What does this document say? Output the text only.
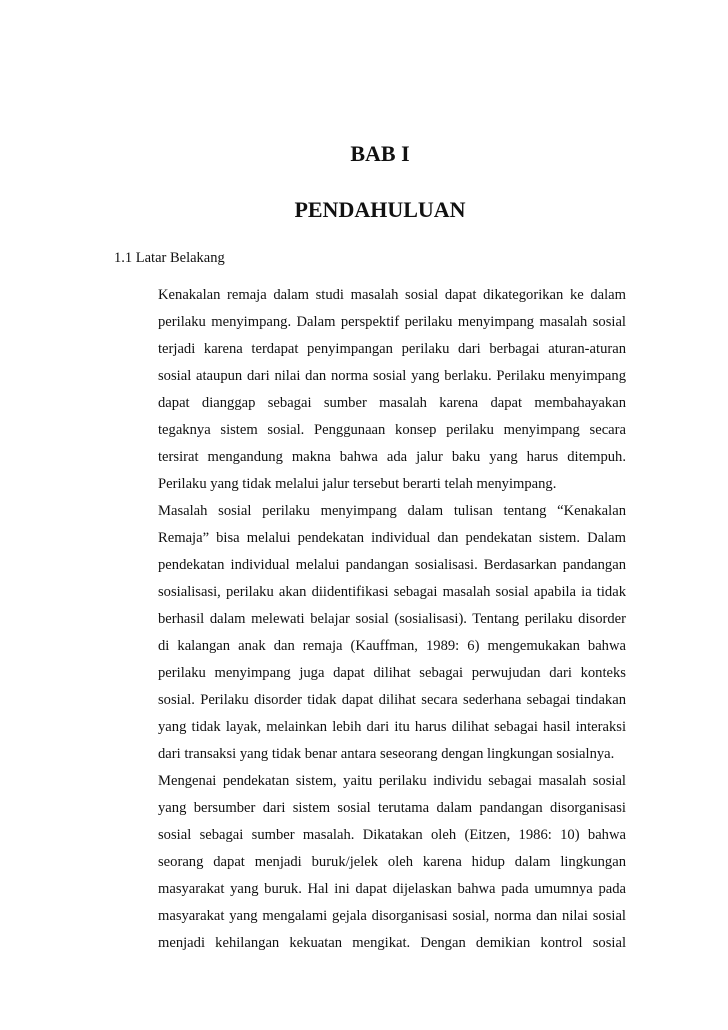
BAB I
PENDAHULUAN
1.1 Latar Belakang
Kenakalan remaja dalam studi masalah sosial dapat dikategorikan ke dalam
perilaku menyimpang. Dalam perspektif perilaku menyimpang masalah sosial
terjadi karena terdapat penyimpangan perilaku dari berbagai aturan-aturan
sosial ataupun dari nilai dan norma sosial yang berlaku. Perilaku menyimpang
dapat dianggap sebagai sumber masalah karena dapat membahayakan
tegaknya sistem sosial. Penggunaan konsep perilaku menyimpang secara
tersirat mengandung makna bahwa ada jalur baku yang harus ditempuh.
Perilaku yang tidak melalui jalur tersebut berarti telah menyimpang.
Masalah sosial perilaku menyimpang dalam tulisan tentang “Kenakalan
Remaja” bisa melalui pendekatan individual dan pendekatan sistem. Dalam
pendekatan individual melalui pandangan sosialisasi. Berdasarkan pandangan
sosialisasi, perilaku akan diidentifikasi sebagai masalah sosial apabila ia tidak
berhasil dalam melewati belajar sosial (sosialisasi). Tentang perilaku disorder
di kalangan anak dan remaja (Kauffman, 1989: 6) mengemukakan bahwa
perilaku menyimpang juga dapat dilihat sebagai perwujudan dari konteks
sosial. Perilaku disorder tidak dapat dilihat secara sederhana sebagai tindakan
yang tidak layak, melainkan lebih dari itu harus dilihat sebagai hasil interaksi
dari transaksi yang tidak benar antara seseorang dengan lingkungan sosialnya.
Mengenai pendekatan sistem, yaitu perilaku individu sebagai masalah sosial
yang bersumber dari sistem sosial terutama dalam pandangan disorganisasi
sosial sebagai sumber masalah. Dikatakan oleh (Eitzen, 1986: 10) bahwa
seorang dapat menjadi buruk/jelek oleh karena hidup dalam lingkungan
masyarakat yang buruk. Hal ini dapat dijelaskan bahwa pada umumnya pada
masyarakat yang mengalami gejala disorganisasi sosial, norma dan nilai sosial
menjadi kehilangan kekuatan mengikat. Dengan demikian kontrol sosial
